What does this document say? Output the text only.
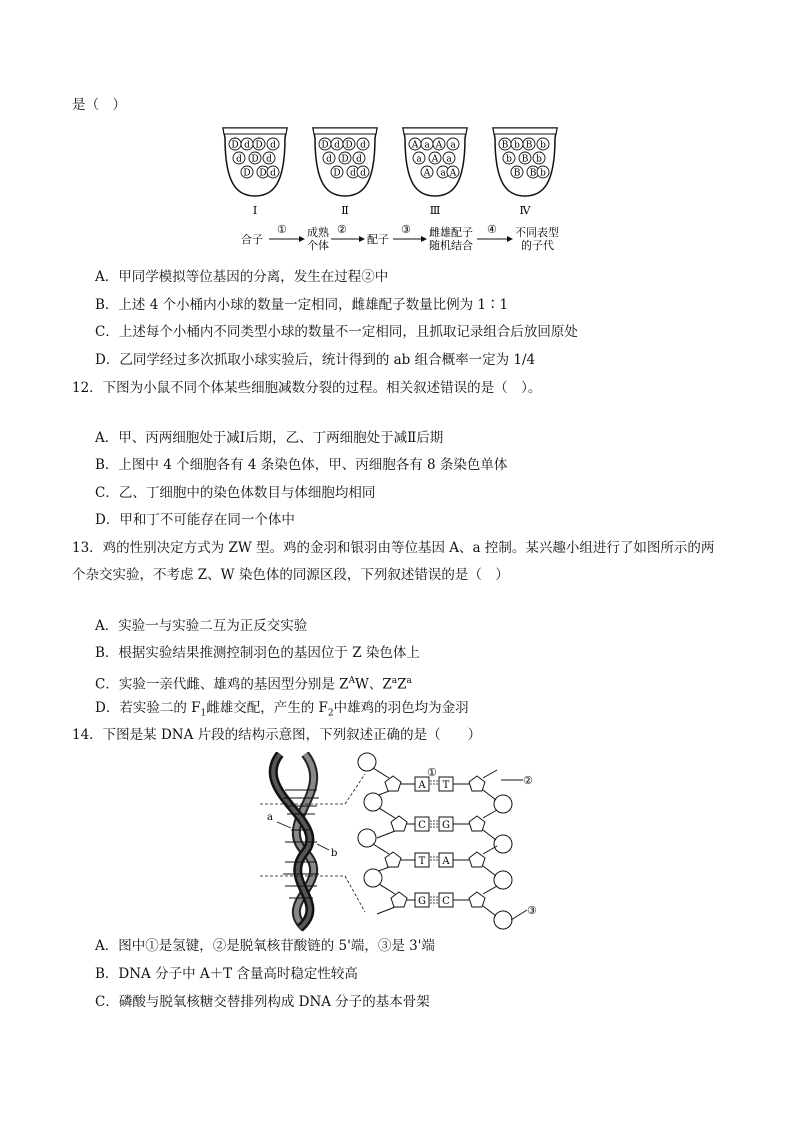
是（　）
D d D d
d D d
D D d
Ⅰ
D d D d
d D d
D d d
Ⅱ
A a A a
a A a
A a A
Ⅲ
B b B b
b B b
B B b
Ⅳ
合子
① 成熟
个体
②
配子
③ 雌雄配子
随机结合
④ 不同表型
的子代
A．甲同学模拟等位基因的分离，发生在过程②中
B．上述 4 个小桶内小球的数量一定相同，雌雄配子数量比例为 1∶1
C．上述每个小桶内不同类型小球的数量不一定相同，且抓取记录组合后放回原处
D．乙同学经过多次抓取小球实验后，统计得到的 ab 组合概率一定为 1/4
12．下图为小鼠不同个体某些细胞减数分裂的过程。相关叙述错误的是（　）。
A．甲、丙两细胞处于减Ⅰ后期，乙、丁两细胞处于减Ⅱ后期
B．上图中 4 个细胞各有 4 条染色体，甲、丙细胞各有 8 条染色单体
C．乙、丁细胞中的染色体数目与体细胞均相同
D．甲和丁不可能存在同一个体中
13．鸡的性别决定方式为 ZW 型。鸡的金羽和银羽由等位基因 A、a 控制。某兴趣小组进行了如图所示的两
个杂交实验，不考虑 Z、W 染色体的同源区段，下列叙述错误的是（　）
A．实验一与实验二互为正反交实验
B．根据实验结果推测控制羽色的基因位于 Z 染色体上
C．实验一亲代雌、雄鸡的基因型分别是 $Z^AW$、$Z^aZ^a$
D．若实验二的 $F_1$雌雄交配，产生的 $F_2$中雄鸡的羽色均为金羽
14．下图是某 DNA 片段的结构示意图，下列叙述正确的是（　　）
a
b
A T
C G
T A
G C
①
②
③
A．图中①是氢键，②是脱氧核苷酸链的 5'端，③是 3'端
B．DNA 分子中 A＋T 含量高时稳定性较高
C．磷酸与脱氧核糖交替排列构成 DNA 分子的基本骨架
